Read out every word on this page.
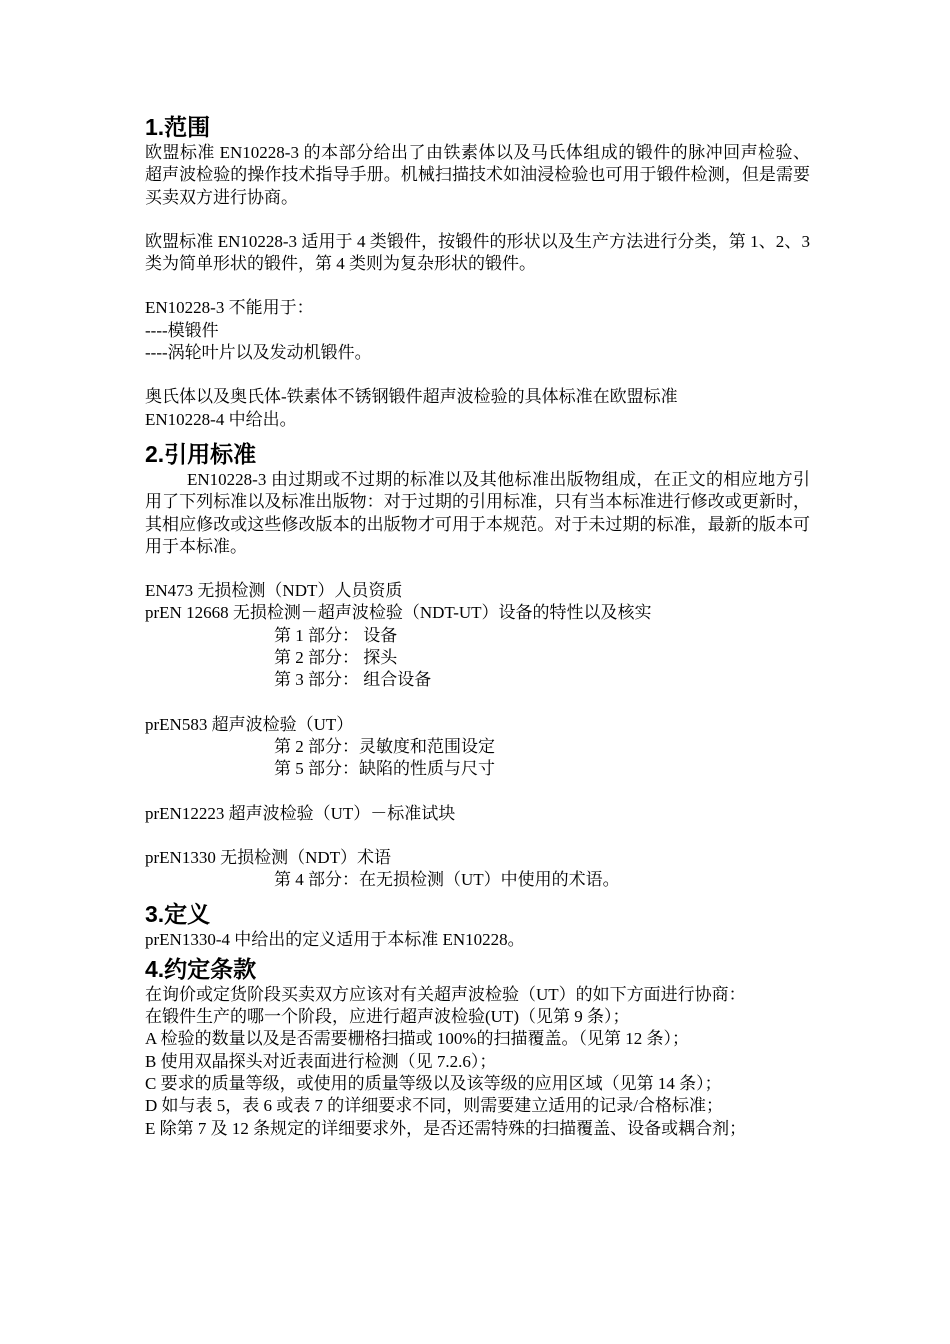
1.范围

欧盟标准 EN10228-3 的本部分给出了由铁素体以及马氏体组成的锻件的脉冲回声检验、超声波检验的操作技术指导手册。机械扫描技术如油浸检验也可用于锻件检测，但是需要买卖双方进行协商。

欧盟标准 EN10228-3 适用于 4 类锻件，按锻件的形状以及生产方法进行分类，第 1、2、3 类为简单形状的锻件，第 4 类则为复杂形状的锻件。

EN10228-3 不能用于：

----模锻件

----涡轮叶片以及发动机锻件。

奥氏体以及奥氏体-铁素体不锈钢锻件超声波检验的具体标准在欧盟标准

EN10228-4 中给出。

2.引用标准

EN10228-3 由过期或不过期的标准以及其他标准出版物组成，在正文的相应地方引用了下列标准以及标准出版物：对于过期的引用标准，只有当本标准进行修改或更新时，其相应修改或这些修改版本的出版物才可用于本规范。对于未过期的标准，最新的版本可用于本标准。

EN473 无损检测（NDT）人员资质

prEN 12668 无损检测－超声波检验（NDT-UT）设备的特性以及核实

第 1 部分： 设备

第 2 部分： 探头

第 3 部分： 组合设备

prEN583 超声波检验（UT）

第 2 部分：灵敏度和范围设定

第 5 部分：缺陷的性质与尺寸

prEN12223 超声波检验（UT）－标准试块

prEN1330 无损检测（NDT）术语

第 4 部分：在无损检测（UT）中使用的术语。

3.定义

prEN1330-4 中给出的定义适用于本标准 EN10228。

4.约定条款

在询价或定货阶段买卖双方应该对有关超声波检验（UT）的如下方面进行协商：

在锻件生产的哪一个阶段，应进行超声波检验(UT)（见第 9 条）；

A 检验的数量以及是否需要栅格扫描或 100%的扫描覆盖。（见第 12 条）；

B 使用双晶探头对近表面进行检测（见 7.2.6）；

C 要求的质量等级，或使用的质量等级以及该等级的应用区域（见第 14 条）；

D 如与表 5，表 6 或表 7 的详细要求不同，则需要建立适用的记录/合格标准；

E 除第 7 及 12 条规定的详细要求外，是否还需特殊的扫描覆盖、设备或耦合剂；
